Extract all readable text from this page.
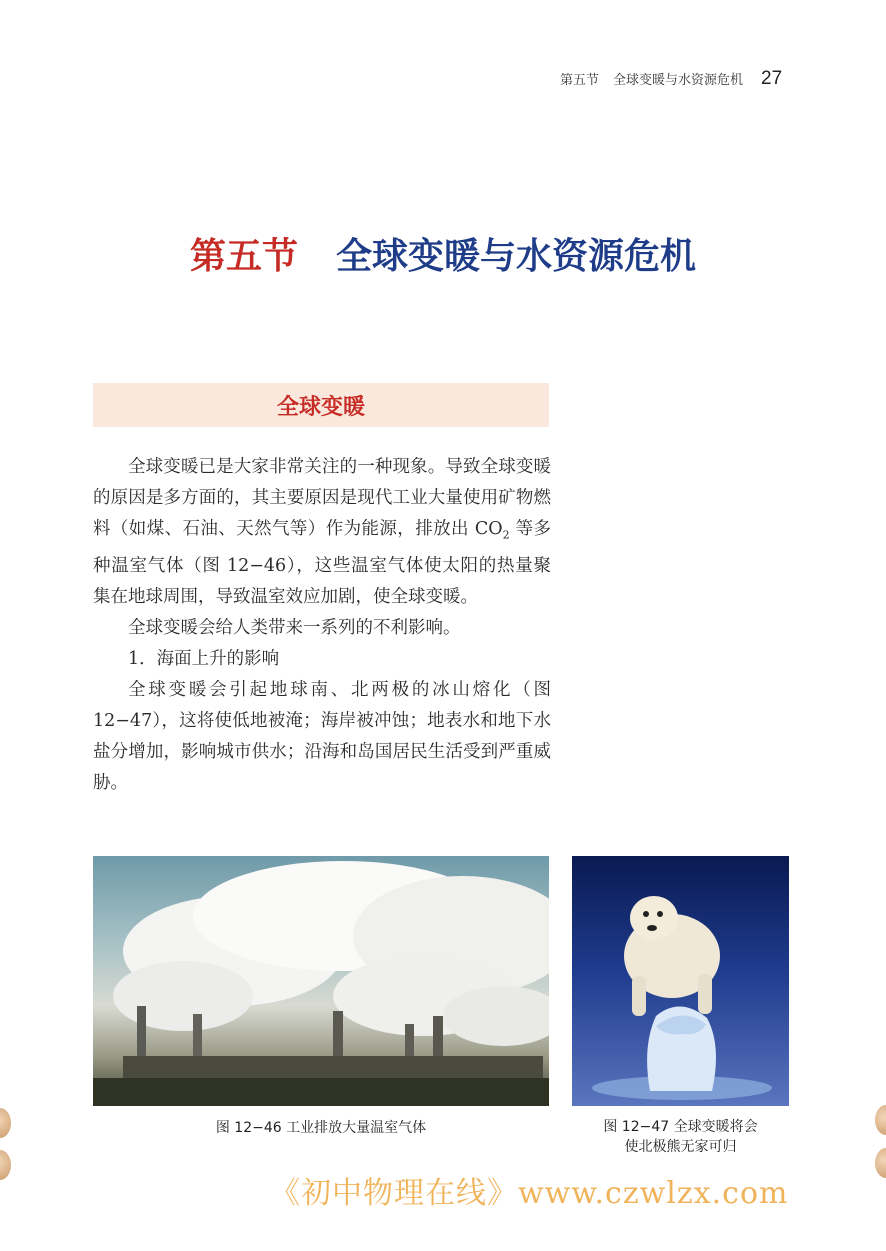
第五节 全球变暖与水资源危机 27
第五节 全球变暖与水资源危机
全球变暖

全球变暖已是大家非常关注的一种现象。导致全球变暖的原因是多方面的，其主要原因是现代工业大量使用矿物燃料（如煤、石油、天然气等）作为能源，排放出 $CO_2$ 等多种温室气体（图 12−46），这些温室气体使太阳的热量聚集在地球周围，导致温室效应加剧，使全球变暖。

全球变暖会给人类带来一系列的不利影响。

1．海面上升的影响

全球变暖会引起地球南、北两极的冰山熔化（图 12−47），这将使低地被淹；海岸被冲蚀；地表水和地下水盐分增加，影响城市供水；沿海和岛国居民生活受到严重威胁。

图 12−46 工业排放大量温室气体	图 12−47 全球变暖将会
使北极熊无家可归
《初中物理在线》www.czwlzx.com
